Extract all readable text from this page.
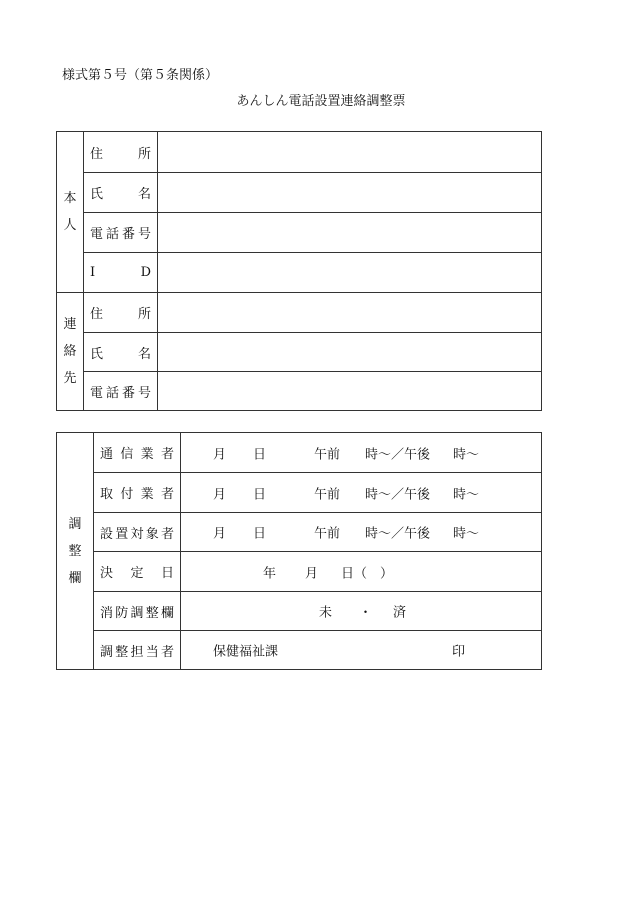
様式第５号（第５条関係）
あんしん電話設置連絡調整票
本
人	住 所	

	氏 名	

	電 話 番 号	

	I D	

連
絡
先	住 所	

	氏 名	

	電 話 番 号	

調
整
欄	通 信 業 者	月 日 午前 時〜／午後 時〜

	取 付 業 者	月 日 午前 時〜／午後 時〜

	設 置 対 象 者	月 日 午前 時〜／午後 時〜

	決 定 日	年 月 日（　）

	消 防 調 整 欄	未 ・ 済

	調 整 担 当 者	保健福祉課 印
